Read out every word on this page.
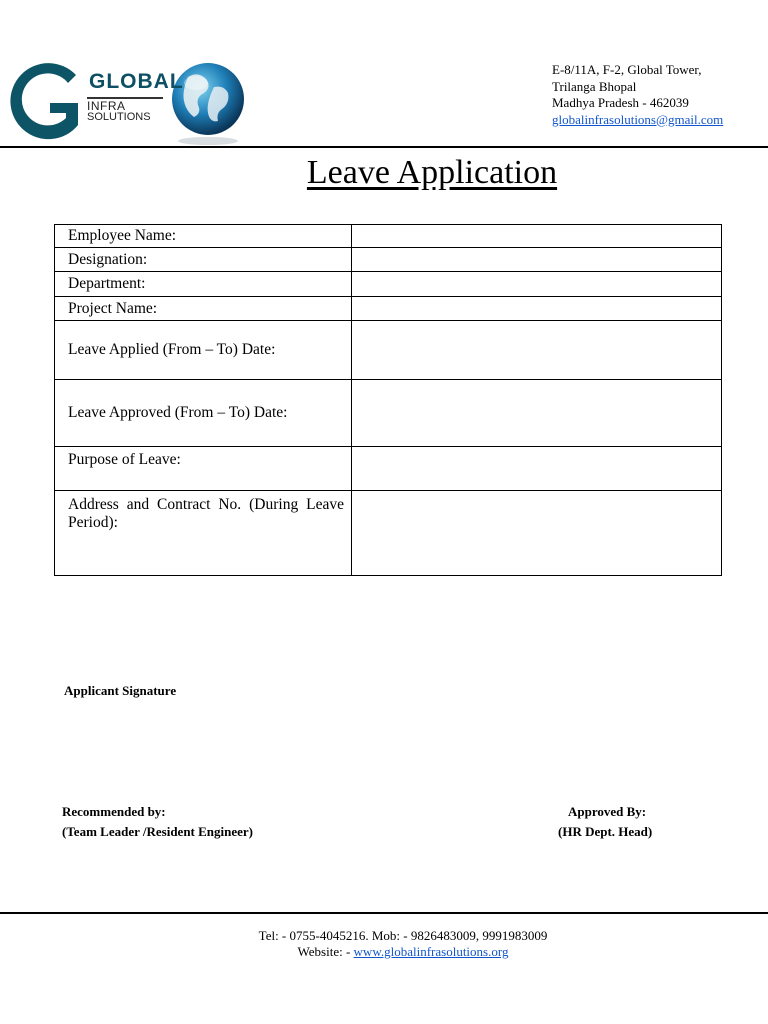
GLOBAL
INFRA
SOLUTIONS
E-8/11A, F-2, Global Tower,
Trilanga Bhopal
Madhya Pradesh - 462039
globalinfrasolutions@gmail.com
Leave Application
Employee Name:	
Designation:	
Department:	
Project Name:	
Leave Applied (From – To) Date:	
Leave Approved (From – To) Date:	
Purpose of Leave:	
Address and Contract No. (During Leave Period):	
Applicant Signature
Recommended by:
(Team Leader /Resident Engineer)
Approved By:
(HR Dept. Head)
Tel: - 0755-4045216. Mob: - 9826483009, 9991983009
Website: - www.globalinfrasolutions.org
